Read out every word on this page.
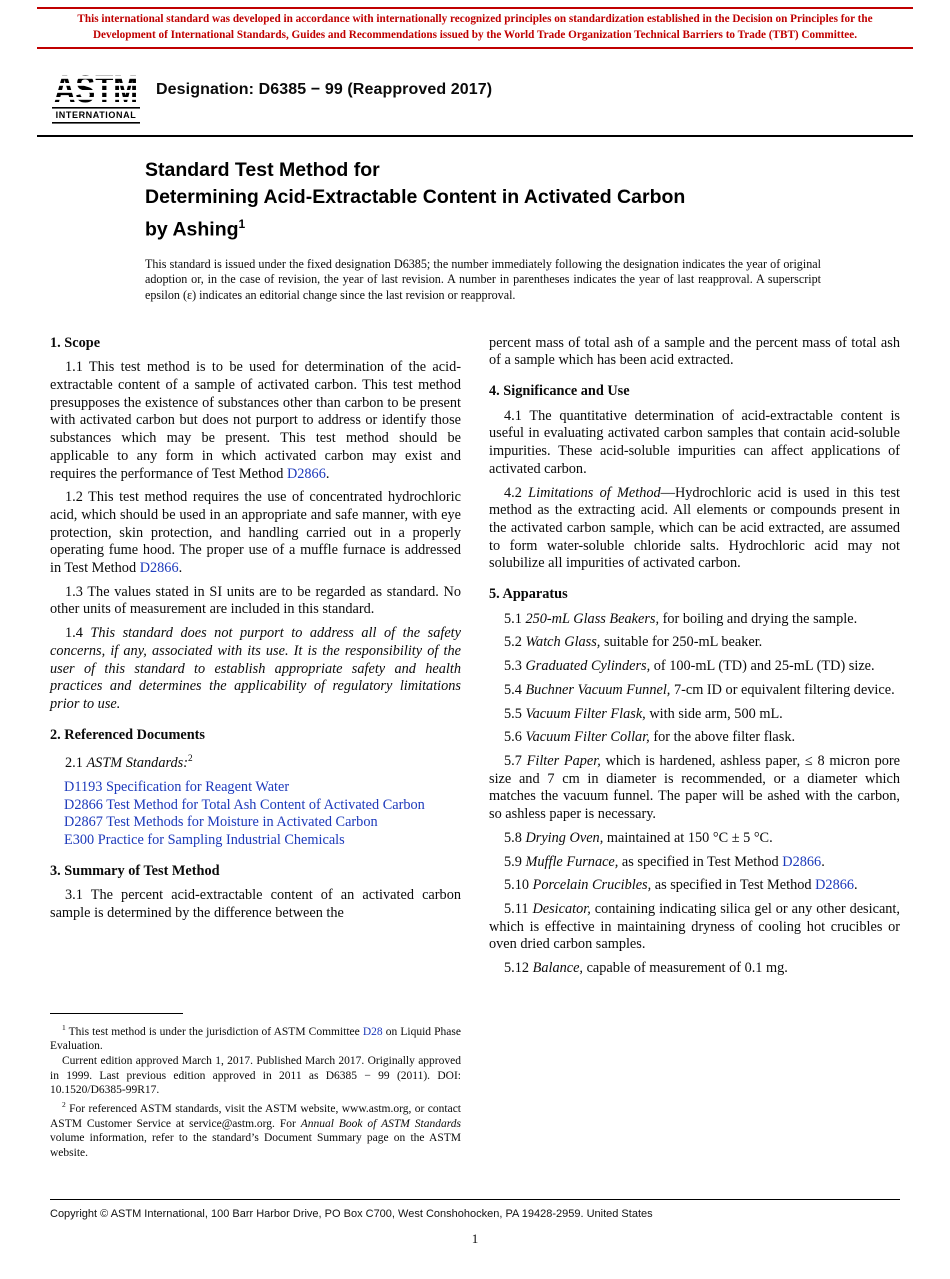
This international standard was developed in accordance with internationally recognized principles on standardization established in the Decision on Principles for the Development of International Standards, Guides and Recommendations issued by the World Trade Organization Technical Barriers to Trade (TBT) Committee.
INTERNATIONAL
Designation: D6385 − 99 (Reapproved 2017)
Standard Test Method for
Determining Acid-Extractable Content in Activated Carbon
by Ashing$^1$

This standard is issued under the fixed designation D6385; the number immediately following the designation indicates the year of original adoption or, in the case of revision, the year of last revision. A number in parentheses indicates the year of last reapproval. A superscript epsilon (ε) indicates an editorial change since the last revision or reapproval.

1. Scope
1.1 This test method is to be used for determination of the acid-extractable content of a sample of activated carbon. This test method presupposes the existence of substances other than carbon to be present with activated carbon but does not purport to address or identify those substances which may be present. This test method should be applicable to any form in which activated carbon may exist and requires the performance of Test Method D2866.
1.2 This test method requires the use of concentrated hydrochloric acid, which should be used in an appropriate and safe manner, with eye protection, skin protection, and handling carried out in a properly operating fume hood. The proper use of a muffle furnace is addressed in Test Method D2866.
1.3 The values stated in SI units are to be regarded as standard. No other units of measurement are included in this standard.
1.4 This standard does not purport to address all of the safety concerns, if any, associated with its use. It is the responsibility of the user of this standard to establish appropriate safety and health practices and determines the applicability of regulatory limitations prior to use.
2. Referenced Documents
2.1 ASTM Standards:$^2$
D1193 Specification for Reagent Water
D2866 Test Method for Total Ash Content of Activated Carbon
D2867 Test Methods for Moisture in Activated Carbon
E300 Practice for Sampling Industrial Chemicals
3. Summary of Test Method
3.1 The percent acid-extractable content of an activated carbon sample is determined by the difference between the
$^1$ This test method is under the jurisdiction of ASTM Committee D28 on Liquid Phase Evaluation.
Current edition approved March 1, 2017. Published March 2017. Originally approved in 1999. Last previous edition approved in 2011 as D6385 − 99 (2011). DOI: 10.1520/D6385-99R17.
$^2$ For referenced ASTM standards, visit the ASTM website, www.astm.org, or contact ASTM Customer Service at service@astm.org. For Annual Book of ASTM Standards volume information, refer to the standard’s Document Summary page on the ASTM website.
percent mass of total ash of a sample and the percent mass of total ash of a sample which has been acid extracted.
4. Significance and Use
4.1 The quantitative determination of acid-extractable content is useful in evaluating activated carbon samples that contain acid-soluble impurities. These acid-soluble impurities can affect applications of activated carbon.
4.2 Limitations of Method—Hydrochloric acid is used in this test method as the extracting acid. All elements or compounds present in the activated carbon sample, which can be acid extracted, are assumed to form water-soluble chloride salts. Hydrochloric acid may not solubilize all impurities of activated carbon.
5. Apparatus
5.1 250-mL Glass Beakers, for boiling and drying the sample.
5.2 Watch Glass, suitable for 250-mL beaker.
5.3 Graduated Cylinders, of 100-mL (TD) and 25-mL (TD) size.
5.4 Buchner Vacuum Funnel, 7-cm ID or equivalent filtering device.
5.5 Vacuum Filter Flask, with side arm, 500 mL.
5.6 Vacuum Filter Collar, for the above filter flask.
5.7 Filter Paper, which is hardened, ashless paper, ≤ 8 micron pore size and 7 cm in diameter is recommended, or a diameter which matches the vacuum funnel. The paper will be ashed with the carbon, so ashless paper is necessary.
5.8 Drying Oven, maintained at 150 °C ± 5 °C.
5.9 Muffle Furnace, as specified in Test Method D2866.
5.10 Porcelain Crucibles, as specified in Test Method D2866.
5.11 Desicator, containing indicating silica gel or any other desicant, which is effective in maintaining dryness of cooling hot crucibles or oven dried carbon samples.
5.12 Balance, capable of measurement of 0.1 mg.
Copyright © ASTM International, 100 Barr Harbor Drive, PO Box C700, West Conshohocken, PA 19428-2959. United States
1
